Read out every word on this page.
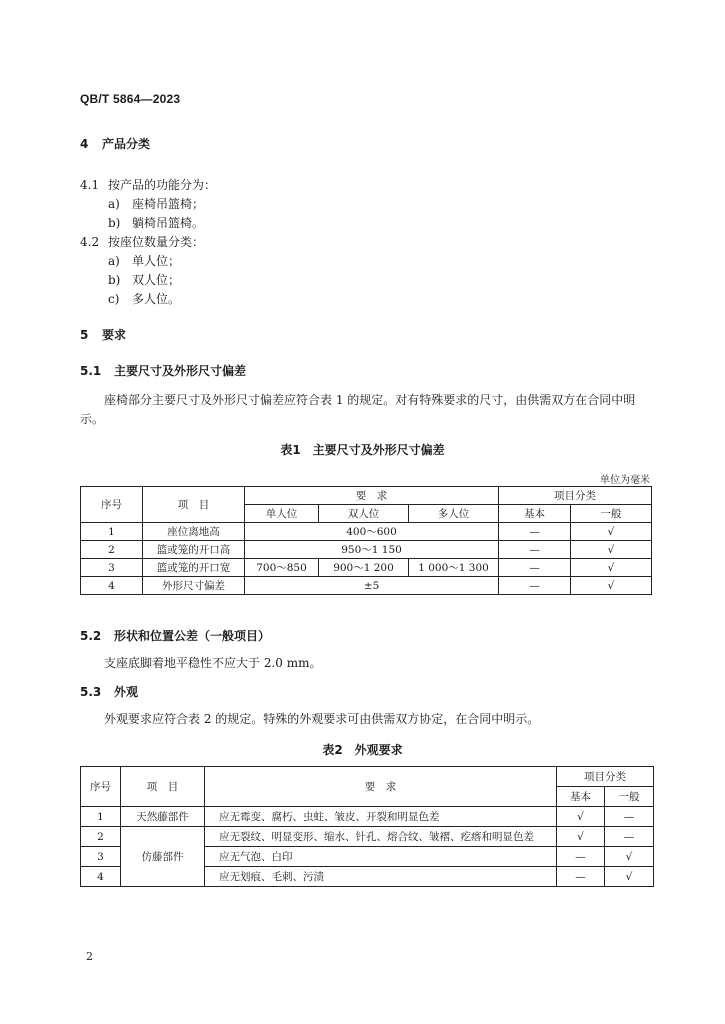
QB/T 5864—2023
4 产品分类
4.1 按产品的功能分为：
a) 座椅吊篮椅；
b) 躺椅吊篮椅。
4.2 按座位数量分类：
a) 单人位；
b) 双人位；
c) 多人位。
5 要求
5.1 主要尺寸及外形尺寸偏差
座椅部分主要尺寸及外形尺寸偏差应符合表 1 的规定。对有特殊要求的尺寸，由供需双方在合同中明示。
表1 主要尺寸及外形尺寸偏差
单位为毫米
序号	项　目	要　求			项目分类	
		单人位	双人位	多人位	基本	一般
1	座位离地高	400～600			—	√
2	篮或笼的开口高	950～1 150			—	√
3	篮或笼的开口宽	700～850	900～1 200	1 000～1 300	—	√
4	外形尺寸偏差	±5			—	√
5.2 形状和位置公差（一般项目）
支座底脚着地平稳性不应大于 2.0 mm。
5.3 外观
外观要求应符合表 2 的规定。特殊的外观要求可由供需双方协定，在合同中明示。
表2 外观要求
序号	项　目	要　求	项目分类	
			基本	一般
1	天然藤部件	应无霉变、腐朽、虫蛀、皱皮、开裂和明显色差	√	—
2	仿藤部件	应无裂纹、明显变形、缩水、针孔、熔合纹、皱褶、疙瘩和明显色差	√	—
3		应无气泡、白印	—	√
4		应无划痕、毛刺、污渍	—	√
2
